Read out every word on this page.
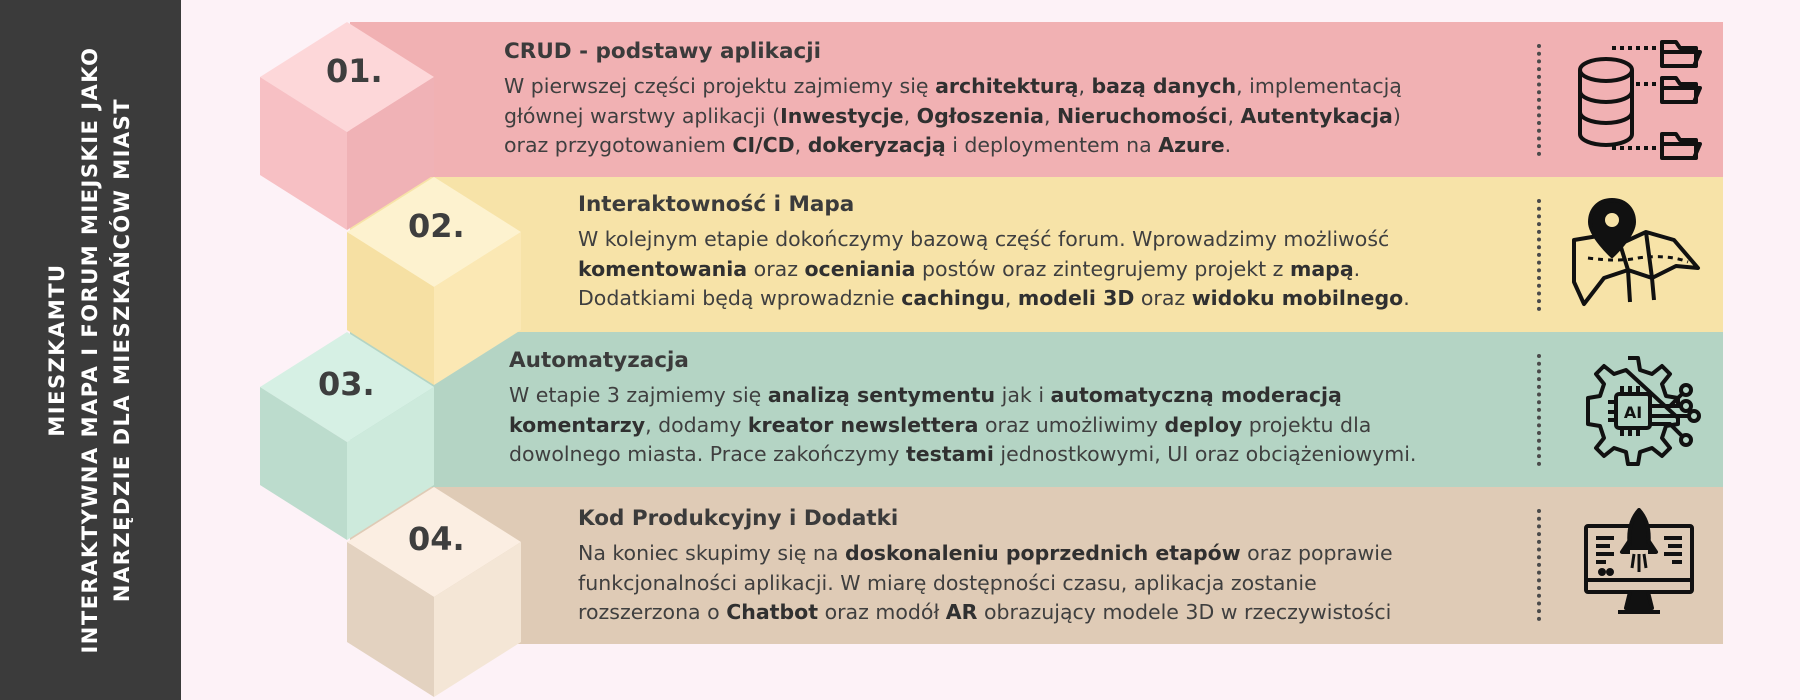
MIESZKAMTU INTERAKTYWNA MAPA I FORUM MIEJSKIE JAKO NARZĘDZIE DLA MIESZKAŃCÓW MIAST
01.
02.
03.
04.
CRUD - podstawy aplikacji
W pierwszej części projektu zajmiemy się architekturą, bazą danych, implementacją
głównej warstwy aplikacji (Inwestycje, Ogłoszenia, Nieruchomości, Autentykacja)
oraz przygotowaniem CI/CD, dokeryzacją i deploymentem na Azure.
Interaktowność i Mapa
W kolejnym etapie dokończymy bazową część forum. Wprowadzimy możliwość
komentowania oraz oceniania postów oraz zintegrujemy projekt z mapą.
Dodatkiami będą wprowadznie cachingu, modeli 3D oraz widoku mobilnego.
Automatyzacja
W etapie 3 zajmiemy się analizą sentymentu jak i automatyczną moderacją
komentarzy, dodamy kreator newslettera oraz umożliwimy deploy projektu dla
dowolnego miasta. Prace zakończymy testami jednostkowymi, UI oraz obciążeniowymi.
Kod Produkcyjny i Dodatki
Na koniec skupimy się na doskonaleniu poprzednich etapów oraz poprawie
funkcjonalności aplikacji. W miarę dostępności czasu, aplikacja zostanie
rozszerzona o Chatbot oraz modół AR obrazujący modele 3D w rzeczywistości
AI
